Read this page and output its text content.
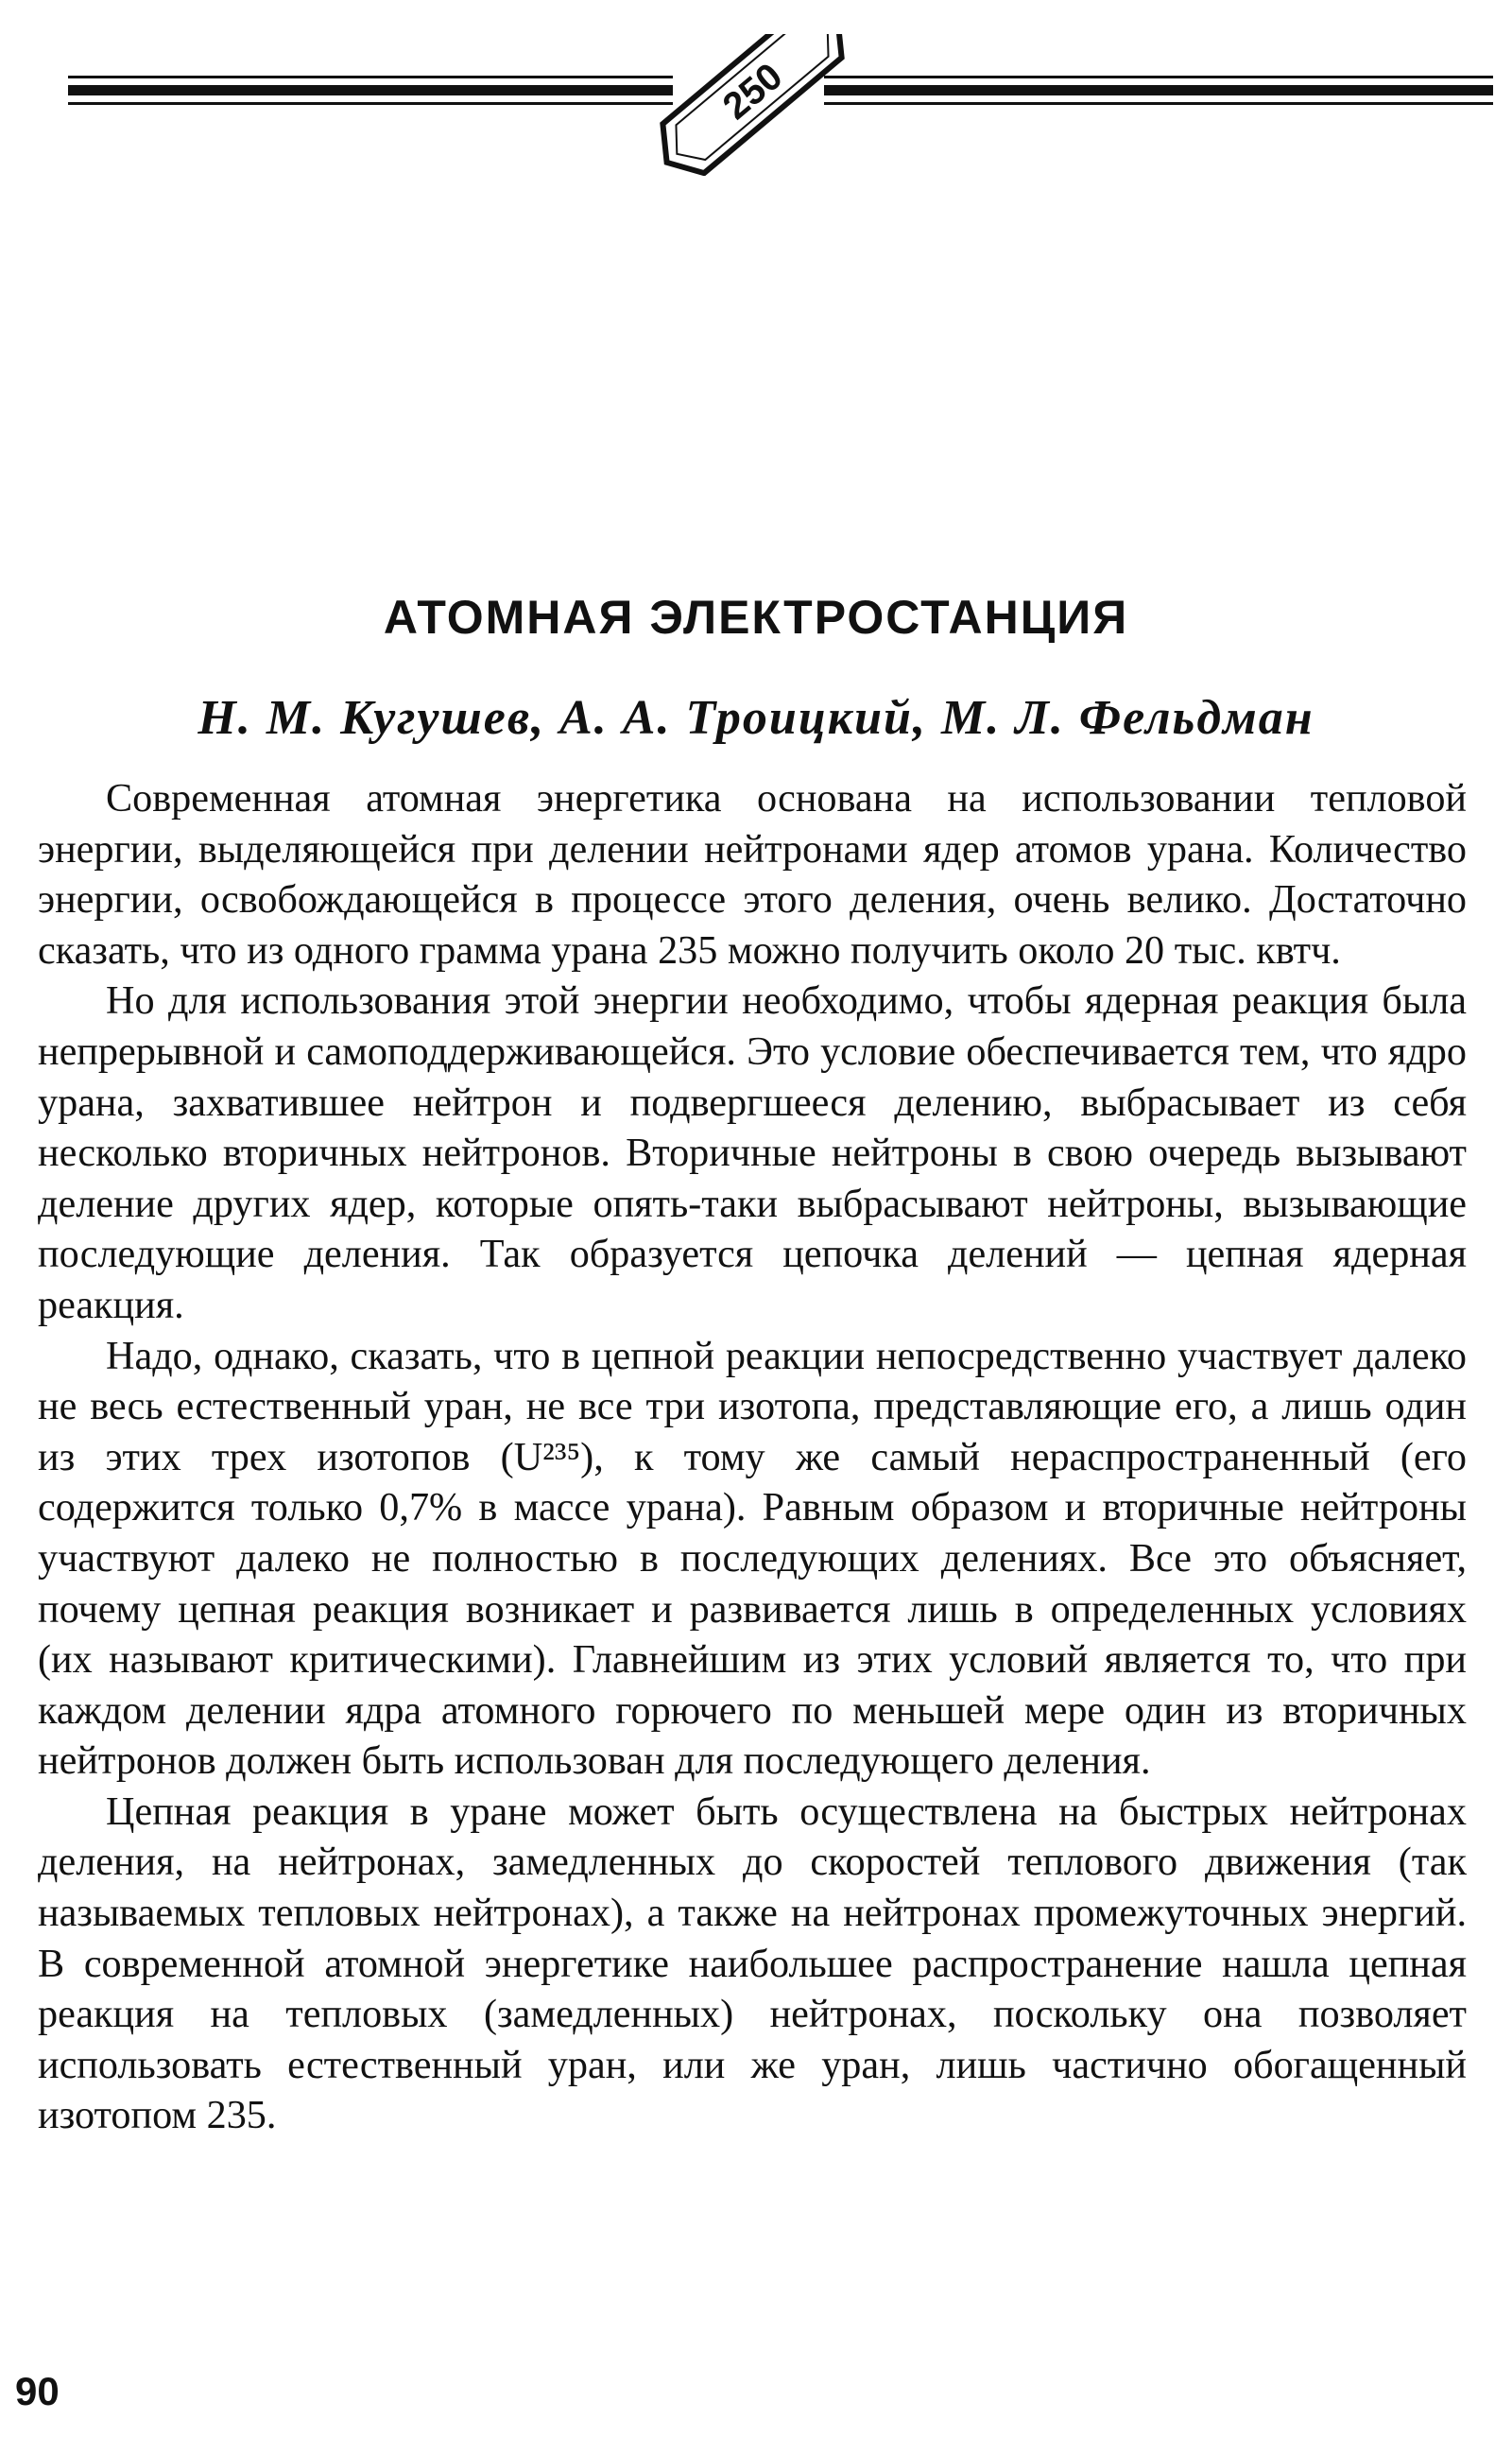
250
АТОМНАЯ ЭЛЕКТРОСТАНЦИЯ

Н. М. Кугушев, А. А. Троицкий, М. Л. Фельдман

Современная атомная энергетика основана на использовании тепловой энергии, выделяющейся при делении нейтронами ядер атомов урана. Количество энергии, освобождающейся в процессе этого деления, очень велико. Достаточно сказать, что из одного грамма урана 235 можно получить около 20 тыс. квтч.

Но для использования этой энергии необходимо, чтобы ядерная реакция была непрерывной и самоподдерживающейся. Это условие обеспечивается тем, что ядро урана, захватившее нейтрон и подвергшееся делению, выбрасывает из себя несколько вторичных нейтронов. Вторичные нейтроны в свою очередь вызывают деление других ядер, которые опять-таки выбрасывают нейтроны, вызывающие последующие деления. Так образуется цепочка делений — цепная ядерная реакция.

Надо, однако, сказать, что в цепной реакции непосредственно участвует далеко не весь естественный уран, не все три изотопа, представляющие его, а лишь один из этих трех изотопов (U²³⁵), к тому же самый нераспространенный (его содержится только 0,7% в массе урана). Равным образом и вторичные нейтроны участвуют далеко не полностью в последующих делениях. Все это объясняет, почему цепная реакция возникает и развивается лишь в определенных условиях (их называют критическими). Главнейшим из этих условий является то, что при каждом делении ядра атомного горючего по меньшей мере один из вторичных нейтронов должен быть использован для последующего деления.

Цепная реакция в уране может быть осуществлена на быстрых нейтронах деления, на нейтронах, замедленных до скоростей теплового движения (так называемых тепловых нейтронах), а также на нейтронах промежуточных энергий. В современной атомной энергетике наибольшее распространение нашла цепная реакция на тепловых (замедленных) нейтронах, поскольку она позволяет использовать естественный уран, или же уран, лишь частично обогащенный изотопом 235.

90
